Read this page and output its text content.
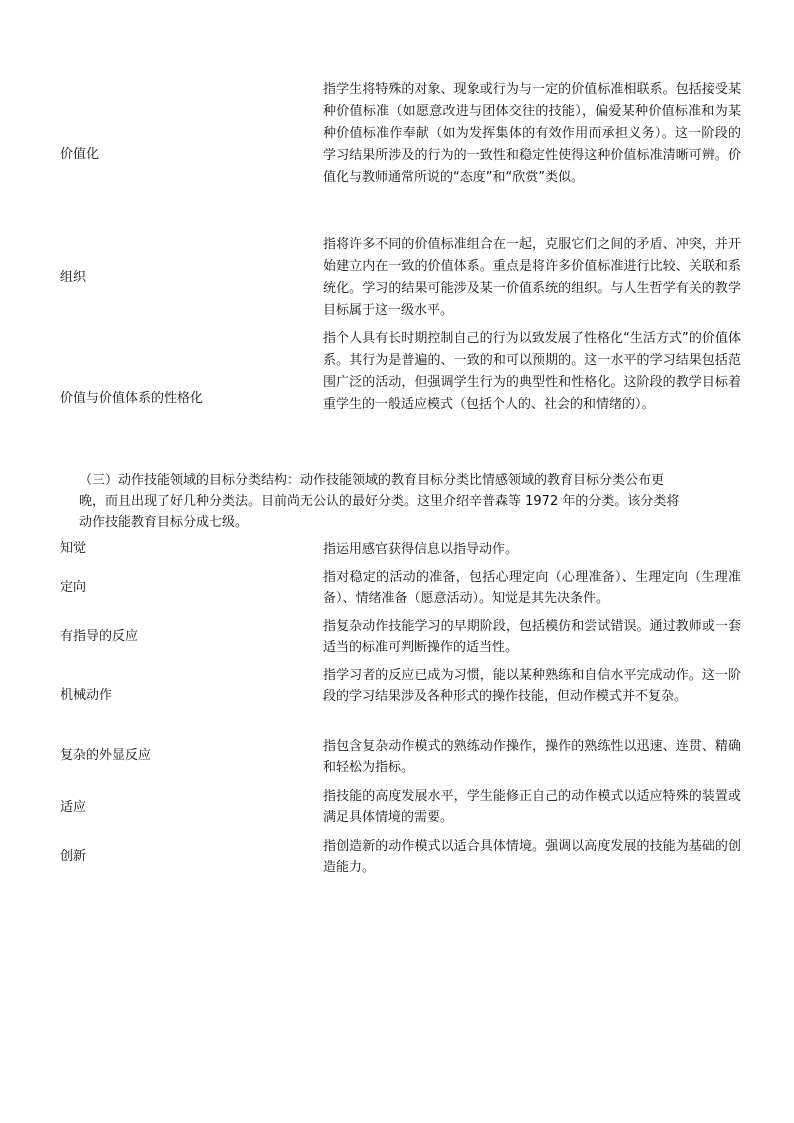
价值化
指学生将特殊的对象、现象或行为与一定的价值标准相联系。包括接受某种价值标准（如愿意改进与团体交往的技能），偏爱某种价值标准和为某种价值标准作奉献（如为发挥集体的有效作用而承担义务）。这一阶段的学习结果所涉及的行为的一致性和稳定性使得这种价值标准清晰可辨。价值化与教师通常所说的“态度”和“欣赏”类似。
组织
指将许多不同的价值标准组合在一起，克服它们之间的矛盾、冲突，并开始建立内在一致的价值体系。重点是将许多价值标准进行比较、关联和系统化。学习的结果可能涉及某一价值系统的组织。与人生哲学有关的教学目标属于这一级水平。
价值与价值体系的性格化
指个人具有长时期控制自己的行为以致发展了性格化“生活方式”的价值体系。其行为是普遍的、一致的和可以预期的。这一水平的学习结果包括范围广泛的活动，但强调学生行为的典型性和性格化。这阶段的教学目标着重学生的一般适应模式（包括个人的、社会的和情绪的）。
（三）动作技能领域的目标分类结构：动作技能领域的教育目标分类比情感领域的教育目标分类公布更
晚，而且出现了好几种分类法。目前尚无公认的最好分类。这里介绍辛普森等 1972 年的分类。该分类将
动作技能教育目标分成七级。
知觉	指运用感官获得信息以指导动作。
定向
指对稳定的活动的准备，包括心理定向（心理准备）、生理定向（生理准备）、情绪准备（愿意活动）。知觉是其先决条件。
有指导的反应
指复杂动作技能学习的早期阶段，包括模仿和尝试错误。通过教师或一套适当的标准可判断操作的适当性。
机械动作
指学习者的反应已成为习惯，能以某种熟练和自信水平完成动作。这一阶段的学习结果涉及各种形式的操作技能，但动作模式并不复杂。
复杂的外显反应
指包含复杂动作模式的熟练动作操作，操作的熟练性以迅速、连贯、精确和轻松为指标。
适应
指技能的高度发展水平，学生能修正自己的动作模式以适应特殊的装置或满足具体情境的需要。
创新
指创造新的动作模式以适合具体情境。强调以高度发展的技能为基础的创造能力。
